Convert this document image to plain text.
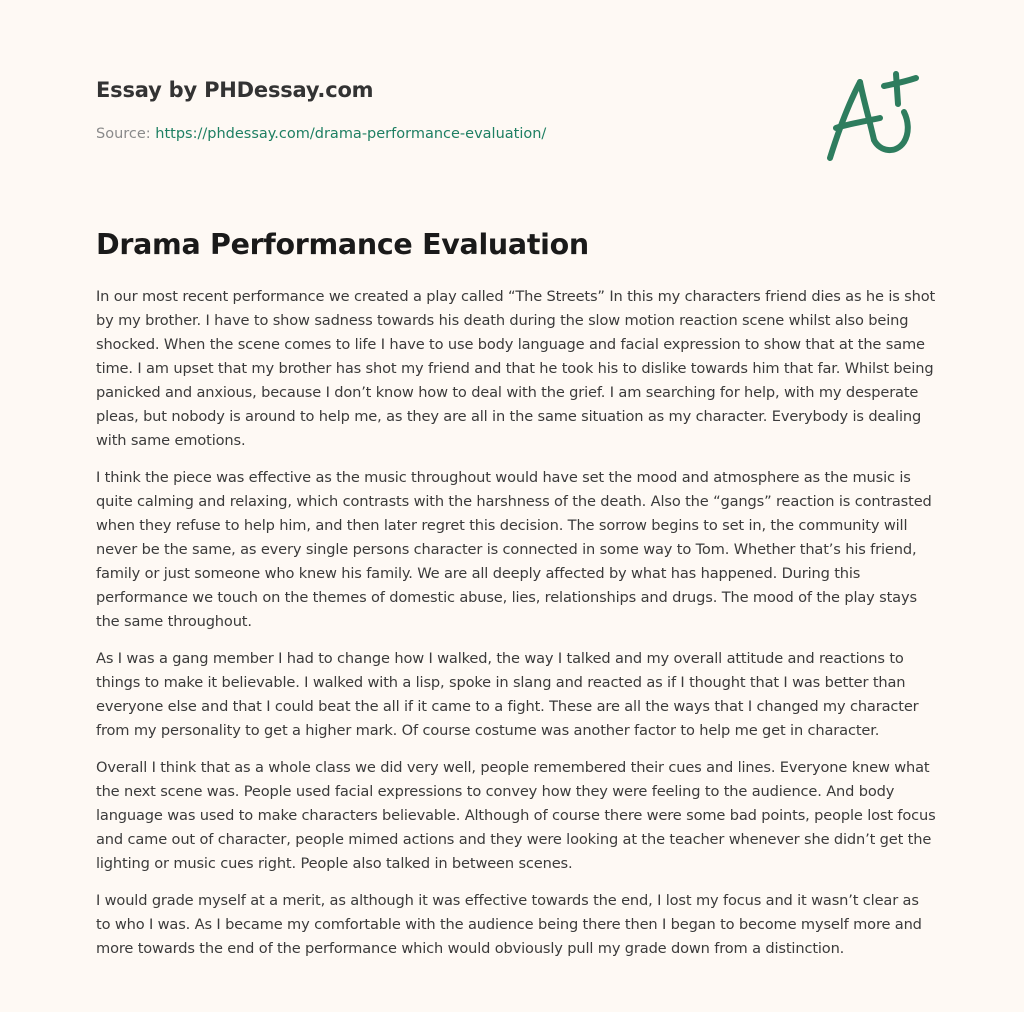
Essay by PHDessay.com
Source: https://phdessay.com/drama-performance-evaluation/
Drama Performance Evaluation

In our most recent performance we created a play called “The Streets” In this my characters friend dies as he is shot by my brother. I have to show sadness towards his death during the slow motion reaction scene whilst also being shocked. When the scene comes to life I have to use body language and facial expression to show that at the same time. I am upset that my brother has shot my friend and that he took his to dislike towards him that far. Whilst being panicked and anxious, because I don’t know how to deal with the grief. I am searching for help, with my desperate pleas, but nobody is around to help me, as they are all in the same situation as my character. Everybody is dealing with same emotions.

I think the piece was effective as the music throughout would have set the mood and atmosphere as the music is quite calming and relaxing, which contrasts with the harshness of the death. Also the “gangs” reaction is contrasted when they refuse to help him, and then later regret this decision. The sorrow begins to set in, the community will never be the same, as every single persons character is connected in some way to Tom. Whether that’s his friend, family or just someone who knew his family. We are all deeply affected by what has happened. During this performance we touch on the themes of domestic abuse, lies, relationships and drugs. The mood of the play stays the same throughout.

As I was a gang member I had to change how I walked, the way I talked and my overall attitude and reactions to things to make it believable. I walked with a lisp, spoke in slang and reacted as if I thought that I was better than everyone else and that I could beat the all if it came to a fight. These are all the ways that I changed my character from my personality to get a higher mark. Of course costume was another factor to help me get in character.

Overall I think that as a whole class we did very well, people remembered their cues and lines. Everyone knew what the next scene was. People used facial expressions to convey how they were feeling to the audience. And body language was used to make characters believable. Although of course there were some bad points, people lost focus and came out of character, people mimed actions and they were looking at the teacher whenever she didn’t get the lighting or music cues right. People also talked in between scenes.

I would grade myself at a merit, as although it was effective towards the end, I lost my focus and it wasn’t clear as to who I was. As I became my comfortable with the audience being there then I began to become myself more and more towards the end of the performance which would obviously pull my grade down from a distinction.
